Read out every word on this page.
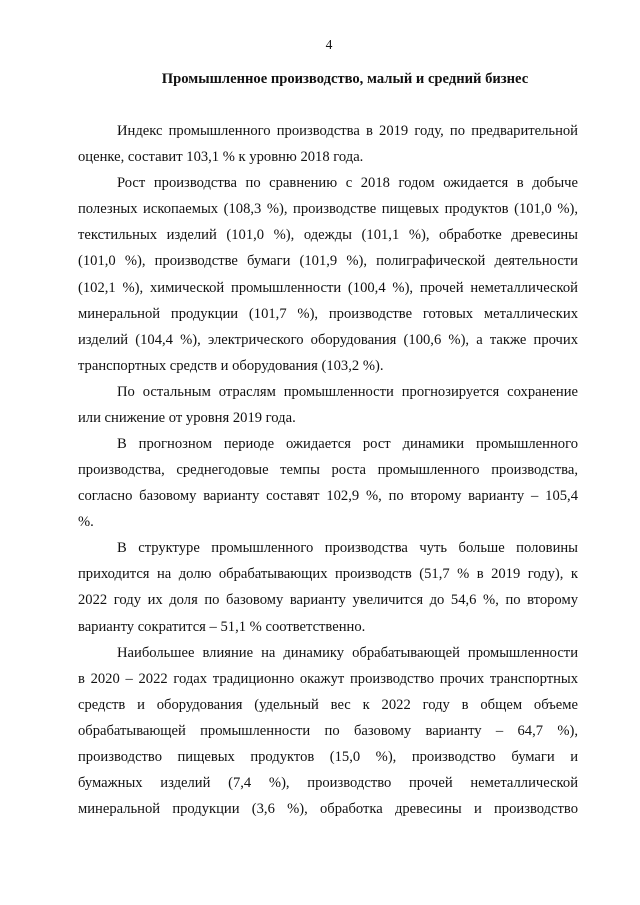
4
Промышленное производство, малый и средний бизнес
Индекс промышленного производства в 2019 году, по предварительной
оценке, составит 103,1 % к уровню 2018 года.
Рост производства по сравнению с 2018 годом ожидается в добыче
полезных ископаемых (108,3 %), производстве пищевых продуктов (101,0 %),
текстильных изделий (101,0 %), одежды (101,1 %), обработке древесины
(101,0 %), производстве бумаги (101,9 %), полиграфической деятельности
(102,1 %), химической промышленности (100,4 %), прочей неметаллической
минеральной продукции (101,7 %), производстве готовых металлических
изделий (104,4 %), электрического оборудования (100,6 %), а также прочих
транспортных средств и оборудования (103,2 %).
По остальным отраслям промышленности прогнозируется сохранение
или снижение от уровня 2019 года.
В прогнозном периоде ожидается рост динамики промышленного
производства, среднегодовые темпы роста промышленного производства,
согласно базовому варианту составят 102,9 %, по второму варианту – 105,4
%.
В структуре промышленного производства чуть больше половины
приходится на долю обрабатывающих производств (51,7 % в 2019 году), к
2022 году их доля по базовому варианту увеличится до 54,6 %, по второму
варианту сократится – 51,1 % соответственно.
Наибольшее влияние на динамику обрабатывающей промышленности
в 2020 – 2022 годах традиционно окажут производство прочих транспортных
средств и оборудования (удельный вес к 2022 году в общем объеме
обрабатывающей промышленности по базовому варианту – 64,7 %),
производство пищевых продуктов (15,0 %), производство бумаги и
бумажных изделий (7,4 %), производство прочей неметаллической
минеральной продукции (3,6 %), обработка древесины и производство
